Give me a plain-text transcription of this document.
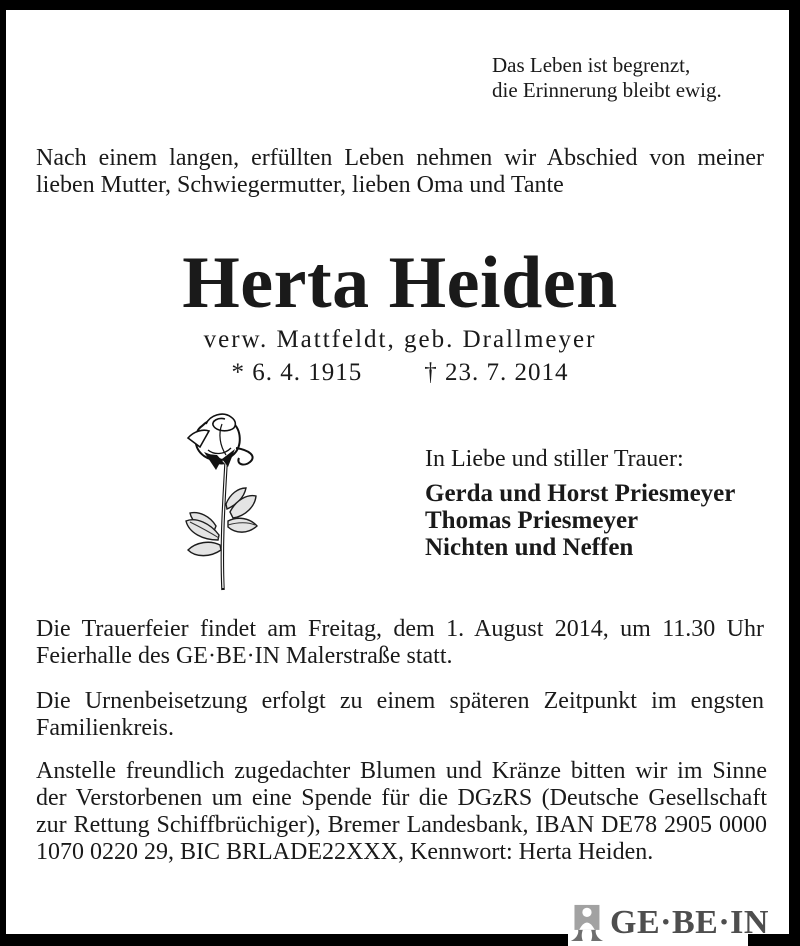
Das Leben ist begrenzt,
die Erinnerung bleibt ewig.
Nach einem langen, erfüllten Leben nehmen wir Abschied von meiner lieben Mutter, Schwiegermutter, lieben Oma und Tante
Herta Heiden
verw. Mattfeldt, geb. Drallmeyer
* 6. 4. 1915 † 23. 7. 2014
In Liebe und stiller Trauer:
Gerda und Horst Priesmeyer
Thomas Priesmeyer
Nichten und Neffen
Die Trauerfeier findet am Freitag, dem 1. August 2014, um 11.30 Uhr Feierhalle des GE·BE·IN Malerstraße statt.
Die Urnenbeisetzung erfolgt zu einem späteren Zeitpunkt im engsten Familienkreis.
Anstelle freundlich zugedachter Blumen und Kränze bitten wir im Sinne der Verstorbenen um eine Spende für die DGzRS (Deutsche Gesellschaft zur Rettung Schiffbrüchiger), Bremer Landesbank, IBAN DE78 2905 0000 1070 0220 29, BIC BRLADE22XXX, Kennwort: Herta Heiden.
GE·BE·IN
